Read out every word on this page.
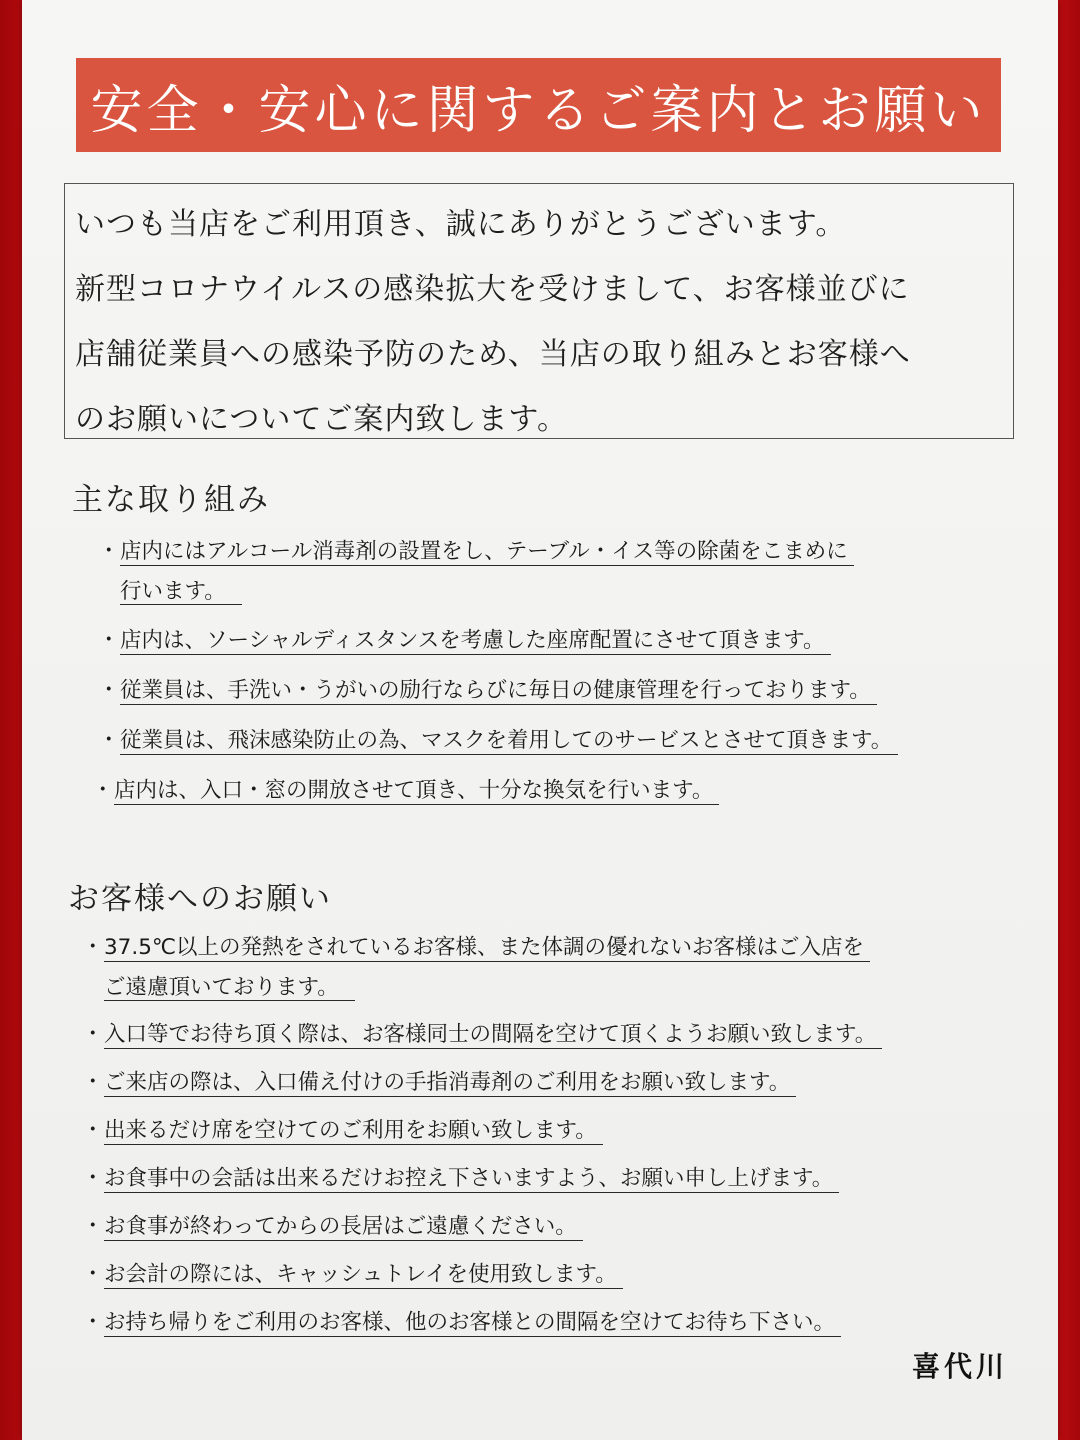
安全・安心に関するご案内とお願い
いつも当店をご利用頂き、誠にありがとうございます。
新型コロナウイルスの感染拡大を受けまして、お客様並びに
店舗従業員への感染予防のため、当店の取り組みとお客様へ
のお願いについてご案内致します。
主な取り組み
・ 店内にはアルコール消毒剤の設置をし、テーブル・イス等の除菌をこまめに
行います。
・ 店内は、ソーシャルディスタンスを考慮した座席配置にさせて頂きます。
・ 従業員は、手洗い・うがいの励行ならびに毎日の健康管理を行っております。
・ 従業員は、飛沫感染防止の為、マスクを着用してのサービスとさせて頂きます。
・ 店内は、入口・窓の開放させて頂き、十分な換気を行います。
お客様へのお願い
・ 37.5℃以上の発熱をされているお客様、また体調の優れないお客様はご入店を
ご遠慮頂いております。
・ 入口等でお待ち頂く際は、お客様同士の間隔を空けて頂くようお願い致します。
・ ご来店の際は、入口備え付けの手指消毒剤のご利用をお願い致します。
・ 出来るだけ席を空けてのご利用をお願い致します。
・ お食事中の会話は出来るだけお控え下さいますよう、お願い申し上げます。
・ お食事が終わってからの長居はご遠慮ください。
・ お会計の際には、キャッシュトレイを使用致します。
・ お持ち帰りをご利用のお客様、他のお客様との間隔を空けてお待ち下さい。
喜代川
